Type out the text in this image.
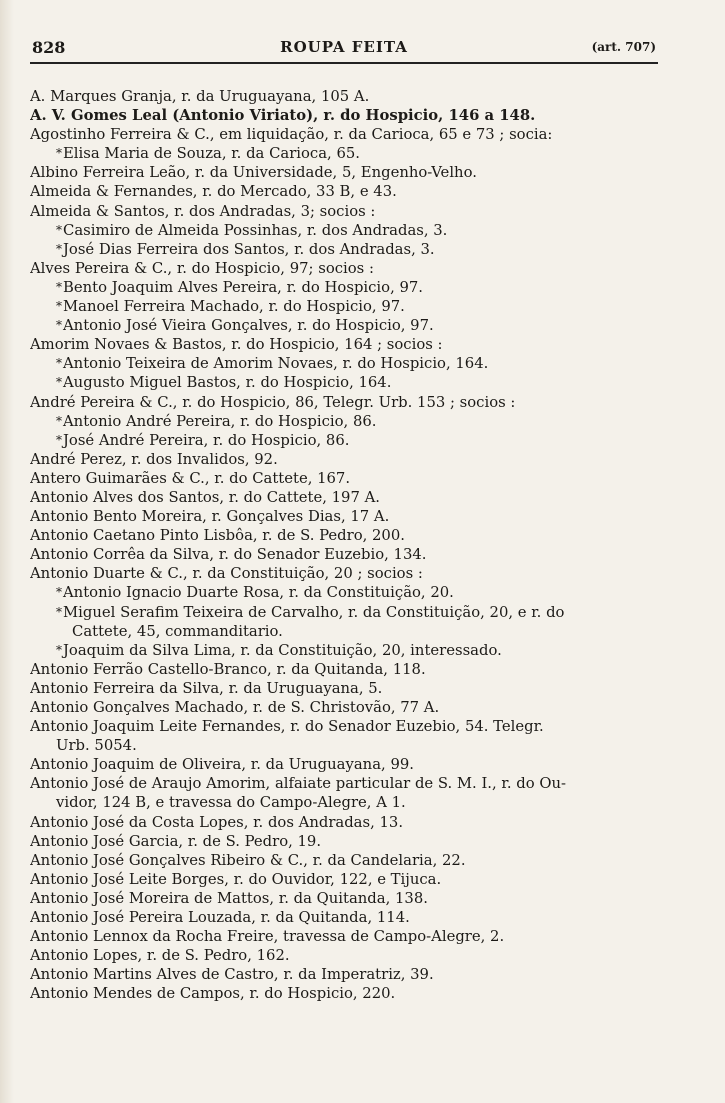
828	ROUPA FEITA	(art. 707)
A. Marques Granja, r. da Uruguayana, 105 A.
A. V. Gomes Leal (Antonio Viriato), r. do Hospicio, 146 a 148.
Agostinho Ferreira & C., em liquidação, r. da Carioca, 65 e 73 ; socia:
*Elisa Maria de Souza, r. da Carioca, 65.
Albino Ferreira Leão, r. da Universidade, 5, Engenho-Velho.
Almeida & Fernandes, r. do Mercado, 33 B, e 43.
Almeida & Santos, r. dos Andradas, 3; socios :
*Casimiro de Almeida Possinhas, r. dos Andradas, 3.
*José Dias Ferreira dos Santos, r. dos Andradas, 3.
Alves Pereira & C., r. do Hospicio, 97; socios :
*Bento Joaquim Alves Pereira, r. do Hospicio, 97.
*Manoel Ferreira Machado, r. do Hospicio, 97.
*Antonio José Vieira Gonçalves, r. do Hospicio, 97.
Amorim Novaes & Bastos, r. do Hospicio, 164 ; socios :
*Antonio Teixeira de Amorim Novaes, r. do Hospicio, 164.
*Augusto Miguel Bastos, r. do Hospicio, 164.
André Pereira & C., r. do Hospicio, 86, Telegr. Urb. 153 ; socios :
*Antonio André Pereira, r. do Hospicio, 86.
*José André Pereira, r. do Hospicio, 86.
André Perez, r. dos Invalidos, 92.
Antero Guimarães & C., r. do Cattete, 167.
Antonio Alves dos Santos, r. do Cattete, 197 A.
Antonio Bento Moreira, r. Gonçalves Dias, 17 A.
Antonio Caetano Pinto Lisbôa, r. de S. Pedro, 200.
Antonio Corrêa da Silva, r. do Senador Euzebio, 134.
Antonio Duarte & C., r. da Constituição, 20 ; socios :
*Antonio Ignacio Duarte Rosa, r. da Constituição, 20.
*Miguel Serafim Teixeira de Carvalho, r. da Constituição, 20, e r. do
Cattete, 45, commanditario.
*Joaquim da Silva Lima, r. da Constituição, 20, interessado.
Antonio Ferrão Castello-Branco, r. da Quitanda, 118.
Antonio Ferreira da Silva, r. da Uruguayana, 5.
Antonio Gonçalves Machado, r. de S. Christovão, 77 A.
Antonio Joaquim Leite Fernandes, r. do Senador Euzebio, 54. Telegr.
Urb. 5054.
Antonio Joaquim de Oliveira, r. da Uruguayana, 99.
Antonio José de Araujo Amorim, alfaiate particular de S. M. I., r. do Ou-
vidor, 124 B, e travessa do Campo-Alegre, A 1.
Antonio José da Costa Lopes, r. dos Andradas, 13.
Antonio José Garcia, r. de S. Pedro, 19.
Antonio José Gonçalves Ribeiro & C., r. da Candelaria, 22.
Antonio José Leite Borges, r. do Ouvidor, 122, e Tijuca.
Antonio José Moreira de Mattos, r. da Quitanda, 138.
Antonio José Pereira Louzada, r. da Quitanda, 114.
Antonio Lennox da Rocha Freire, travessa de Campo-Alegre, 2.
Antonio Lopes, r. de S. Pedro, 162.
Antonio Martins Alves de Castro, r. da Imperatriz, 39.
Antonio Mendes de Campos, r. do Hospicio, 220.
